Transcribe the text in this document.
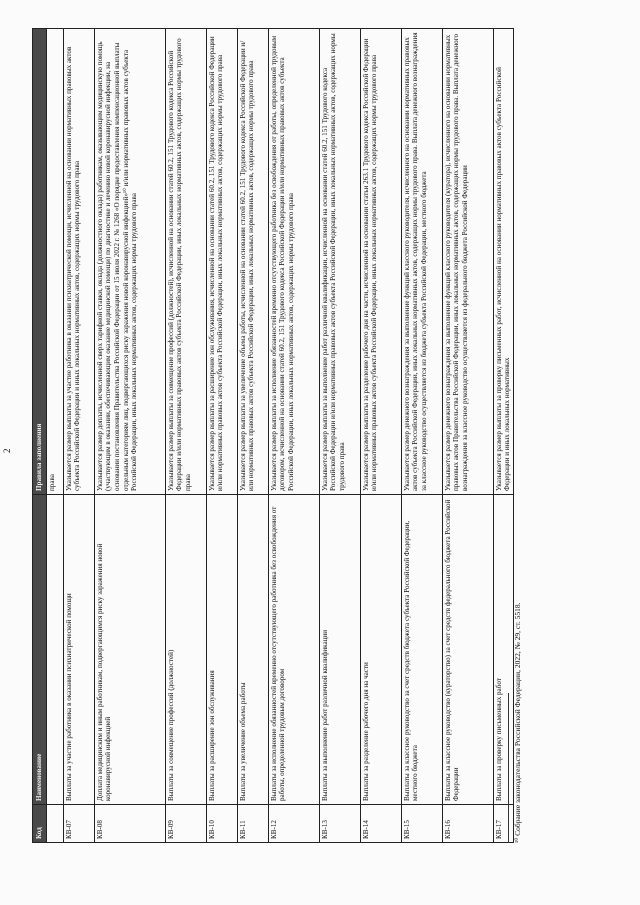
2
Код	Наименование	Правила заполнения
		права
КВ-07	Выплаты за участие работника в оказании психиатрической помощи	Указывается размер выплаты за участие работника в оказании психиатрической помощи, исчисленной на основании нормативных правовых актов субъекта Российской Федерации и иных локальных нормативных актов, содержащих нормы трудового права
КВ-08	Доплата медицинским и иным работникам, подвергающимся риску заражения новой коронавирусной инфекцией	Указывается размер доплаты, исчисленной сверх тарифной ставки, оклада (должностного оклада) работникам, оказывающим медицинскую помощь (участвующим в оказании, обеспечивающим оказание медицинской помощи) по диагностике и лечению новой коронавирусной инфекции, на основании постановления Правительства Российской Федерации от 15 июля 2022 г. № 1268 «О порядке предоставления компенсационной выплаты отдельным категориям лиц, подвергающихся риску заражения новой коронавирусной инфекцией»¹⁰ и/или нормативных правовых актов субъекта Российской Федерации, иных локальных нормативных актов, содержащих нормы трудового права
КВ-09	Выплаты за совмещение профессий (должностей)	Указывается размер выплаты за совмещение профессий (должностей), исчисленной на основании статей 60.2, 151 Трудового кодекса Российской Федерации и/или нормативных правовых актов субъекта Российской Федерации, иных локальных нормативных актов, содержащих нормы трудового права
КВ-10	Выплаты за расширение зон обслуживания	Указывается размер выплаты за расширение зон обслуживания, исчисленной на основании статей 60.2, 151 Трудового кодекса Российской Федерации и/или нормативных правовых актов субъекта Российской Федерации, иных локальных нормативных актов, содержащих нормы трудового права
КВ-11	Выплаты за увеличение объема работы	Указывается размер выплаты за увеличение объема работы, исчисленной на основании статей 60.2, 151 Трудового кодекса Российской Федерации и/или нормативных правовых актов субъекта Российской Федерации, иных локальных нормативных актов, содержащих нормы трудового права
КВ-12	Выплаты за исполнение обязанностей временно отсутствующего работника без освобождения от работы, определенной трудовым договором	Указывается размер выплаты за исполнение обязанностей временно отсутствующего работника без освобождения от работы, определенной трудовым договором, исчисленной на основании статей 60.2, 151 Трудового кодекса Российской Федерации и/или нормативных правовых актов субъекта Российской Федерации, иных локальных нормативных актов, содержащих нормы трудового права
КВ-13	Выплаты за выполнение работ различной квалификации	Указывается размер выплаты за выполнение работ различной квалификации, исчисленной на основании статей 60.2, 151 Трудового кодекса Российской Федерации и/или нормативных правовых актов субъекта Российской Федерации, иных локальных нормативных актов, содержащих нормы трудового права
КВ-14	Выплаты за разделение рабочего дня на части	Указывается размер выплаты за разделение рабочего дня на части, исчисленной на основании статьи 263.1 Трудового кодекса Российской Федерации и/или нормативных правовых актов субъекта Российской Федерации, иных локальных нормативных актов, содержащих нормы трудового права
КВ-15	Выплаты за классное руководство за счет средств бюджета субъекта Российской Федерации, местного бюджета	Указывается размер денежного вознаграждения за выполнение функций классного руководителя, исчисленного на основании нормативных правовых актов субъекта Российской Федерации, иных локальных нормативных актов, содержащих нормы трудового права. Выплата денежного вознаграждения за классное руководство осуществляется из бюджета субъекта Российской Федерации, местного бюджета
КВ-16	Выплаты за классное руководство (кураторство) за счет средств федерального бюджета Российской Федерации	Указывается размер денежного вознаграждения за выполнение функций классного руководителя (куратора), исчисленного на основании нормативных правовых актов Правительства Российской Федерации, иных локальных нормативных актов, содержащих нормы трудового права. Выплата денежного вознаграждения за классное руководство осуществляется из федерального бюджета Российской Федерации
КВ-17	Выплаты за проверку письменных работ	Указывается размер выплаты за проверку письменных работ, исчисленной на основании нормативных правовых актов субъекта Российской Федерации и иных локальных нормативных
¹⁰ Собрание законодательства Российской Федерации, 2022, № 29, ст. 5518.
